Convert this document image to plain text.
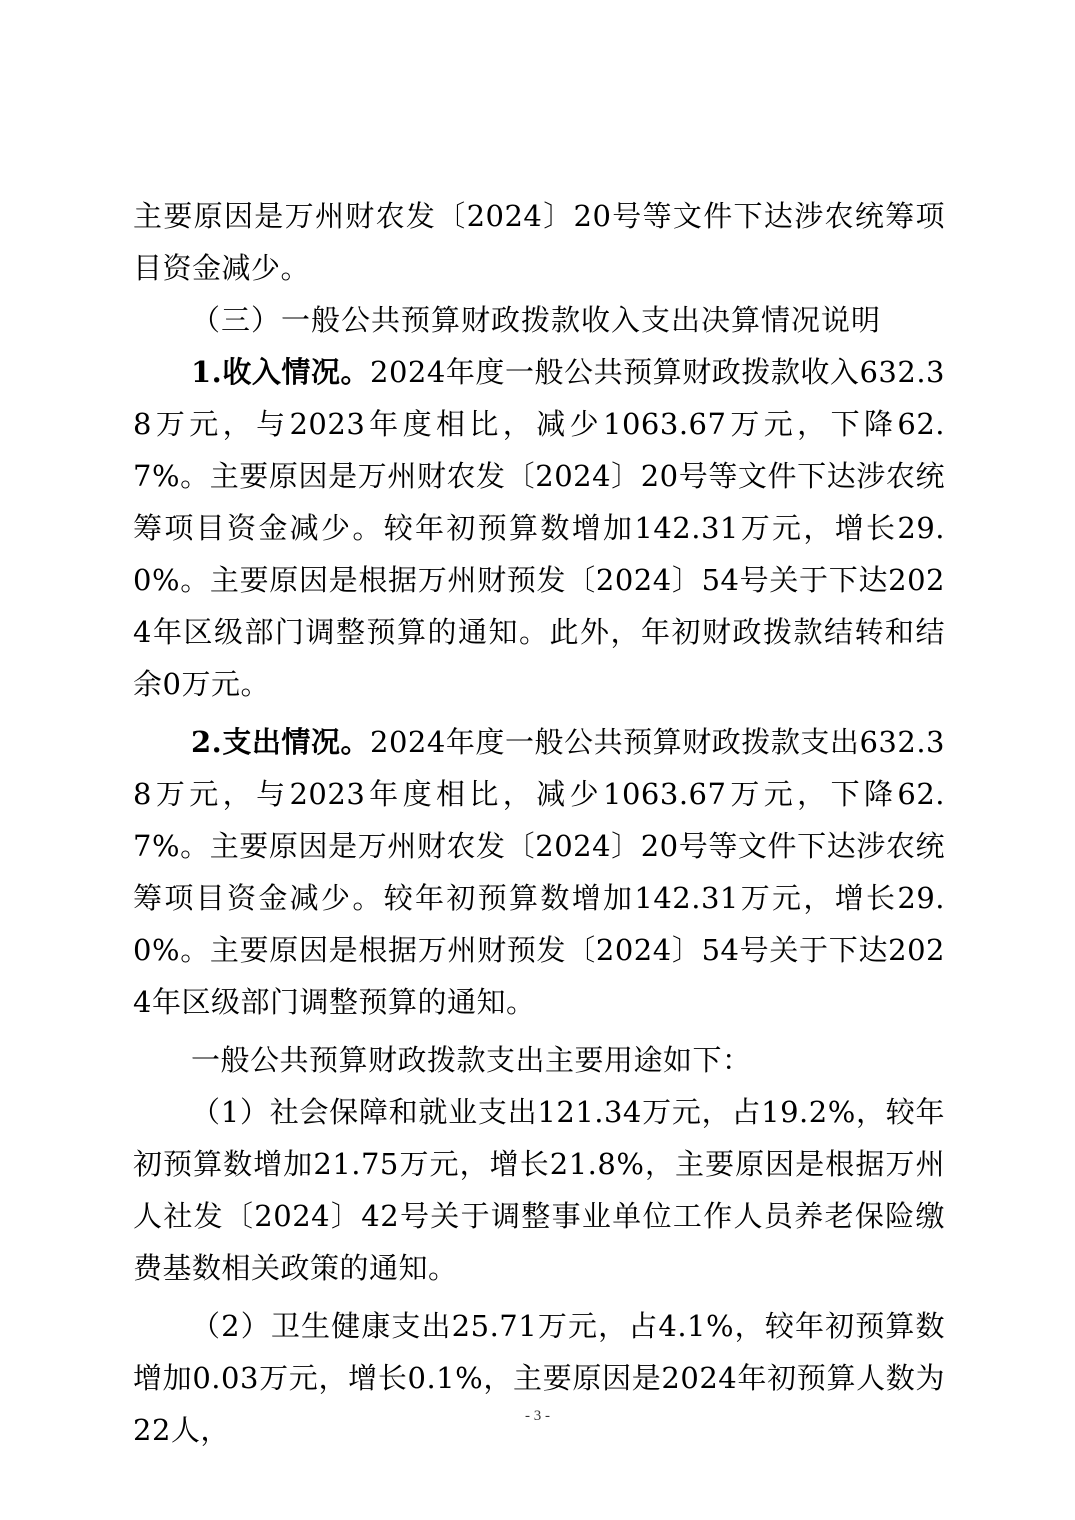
主要原因是万州财农发〔2024〕20号等文件下达涉农统筹项目资金减少。

（三）一般公共预算财政拨款收入支出决算情况说明

1.收入情况。2024年度一般公共预算财政拨款收入632.38万元，与2023年度相比，减少1063.67万元，下降62.7%。主要原因是万州财农发〔2024〕20号等文件下达涉农统筹项目资金减少。较年初预算数增加142.31万元，增长29.0%。主要原因是根据万州财预发〔2024〕54号关于下达2024年区级部门调整预算的通知。此外，年初财政拨款结转和结余0万元。

2.支出情况。2024年度一般公共预算财政拨款支出632.38万元，与2023年度相比，减少1063.67万元，下降62.7%。主要原因是万州财农发〔2024〕20号等文件下达涉农统筹项目资金减少。较年初预算数增加142.31万元，增长29.0%。主要原因是根据万州财预发〔2024〕54号关于下达2024年区级部门调整预算的通知。

一般公共预算财政拨款支出主要用途如下：

（1）社会保障和就业支出121.34万元，占19.2%，较年初预算数增加21.75万元，增长21.8%，主要原因是根据万州人社发〔2024〕42号关于调整事业单位工作人员养老保险缴费基数相关政策的通知。

（2）卫生健康支出25.71万元，占4.1%，较年初预算数增加0.03万元，增长0.1%，主要原因是2024年初预算人数为22人，	- 3 -
